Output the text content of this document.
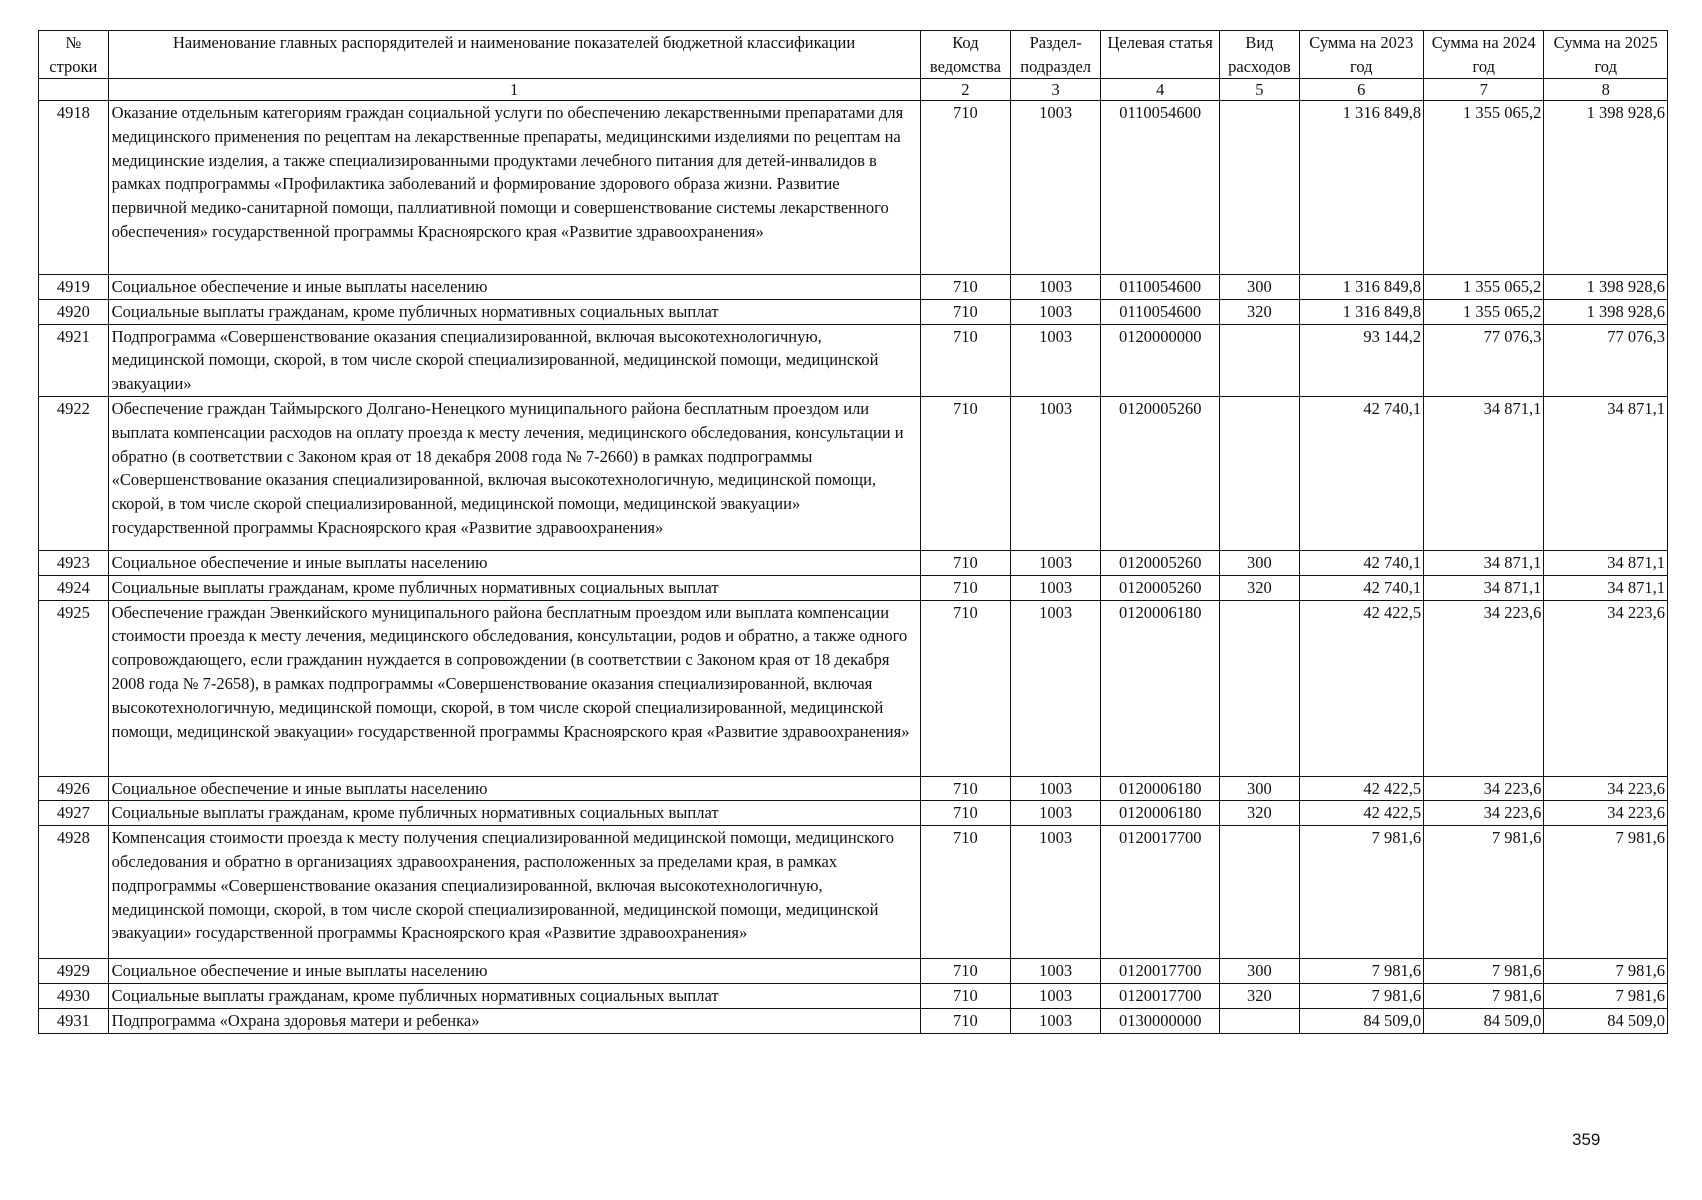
№ строки	Наименование главных распорядителей и наименование показателей бюджетной классификации	Код ведомства	Раздел-подраздел	Целевая статья	Вид расходов	Сумма на 2023 год	Сумма на 2024 год	Сумма на 2025 год
	1	2	3	4	5	6	7	8
4918	Оказание отдельным категориям граждан социальной услуги по обеспечению лекарственными препаратами для медицинского применения по рецептам на лекарственные препараты, медицинскими изделиями по рецептам на медицинские изделия, а также специализированными продуктами лечебного питания для детей-инвалидов в рамках подпрограммы «Профилактика заболеваний и формирование здорового образа жизни. Развитие первичной медико-санитарной помощи, паллиативной помощи и совершенствование системы лекарственного обеспечения» государственной программы Красноярского края «Развитие здравоохранения»	710	1003	0110054600		1 316 849,8	1 355 065,2	1 398 928,6
4919	Социальное обеспечение и иные выплаты населению	710	1003	0110054600	300	1 316 849,8	1 355 065,2	1 398 928,6
4920	Социальные выплаты гражданам, кроме публичных нормативных социальных выплат	710	1003	0110054600	320	1 316 849,8	1 355 065,2	1 398 928,6
4921	Подпрограмма «Совершенствование оказания специализированной, включая высокотехнологичную, медицинской помощи, скорой, в том числе скорой специализированной, медицинской помощи, медицинской эвакуации»	710	1003	0120000000		93 144,2	77 076,3	77 076,3
4922	Обеспечение граждан Таймырского Долгано-Ненецкого муниципального района бесплатным проездом или выплата компенсации расходов на оплату проезда к месту лечения, медицинского обследования, консультации и обратно (в соответствии с Законом края от 18 декабря 2008 года № 7-2660) в рамках подпрограммы «Совершенствование оказания специализированной, включая высокотехнологичную, медицинской помощи, скорой, в том числе скорой специализированной, медицинской помощи, медицинской эвакуации» государственной программы Красноярского края «Развитие здравоохранения»	710	1003	0120005260		42 740,1	34 871,1	34 871,1
4923	Социальное обеспечение и иные выплаты населению	710	1003	0120005260	300	42 740,1	34 871,1	34 871,1
4924	Социальные выплаты гражданам, кроме публичных нормативных социальных выплат	710	1003	0120005260	320	42 740,1	34 871,1	34 871,1
4925	Обеспечение граждан Эвенкийского муниципального района бесплатным проездом или выплата компенсации стоимости проезда к месту лечения, медицинского обследования, консультации, родов и обратно, а также одного сопровождающего, если гражданин нуждается в сопровождении (в соответствии с Законом края от 18 декабря 2008 года № 7-2658), в рамках подпрограммы «Совершенствование оказания специализированной, включая высокотехнологичную, медицинской помощи, скорой, в том числе скорой специализированной, медицинской помощи, медицинской эвакуации» государственной программы Красноярского края «Развитие здравоохранения»	710	1003	0120006180		42 422,5	34 223,6	34 223,6
4926	Социальное обеспечение и иные выплаты населению	710	1003	0120006180	300	42 422,5	34 223,6	34 223,6
4927	Социальные выплаты гражданам, кроме публичных нормативных социальных выплат	710	1003	0120006180	320	42 422,5	34 223,6	34 223,6
4928	Компенсация стоимости проезда к месту получения специализированной медицинской помощи, медицинского обследования и обратно в организациях здравоохранения, расположенных за пределами края, в рамках подпрограммы «Совершенствование оказания специализированной, включая высокотехнологичную, медицинской помощи, скорой, в том числе скорой специализированной, медицинской помощи, медицинской эвакуации» государственной программы Красноярского края «Развитие здравоохранения»	710	1003	0120017700		7 981,6	7 981,6	7 981,6
4929	Социальное обеспечение и иные выплаты населению	710	1003	0120017700	300	7 981,6	7 981,6	7 981,6
4930	Социальные выплаты гражданам, кроме публичных нормативных социальных выплат	710	1003	0120017700	320	7 981,6	7 981,6	7 981,6
4931	Подпрограмма «Охрана здоровья матери и ребенка»	710	1003	0130000000		84 509,0	84 509,0	84 509,0
359
